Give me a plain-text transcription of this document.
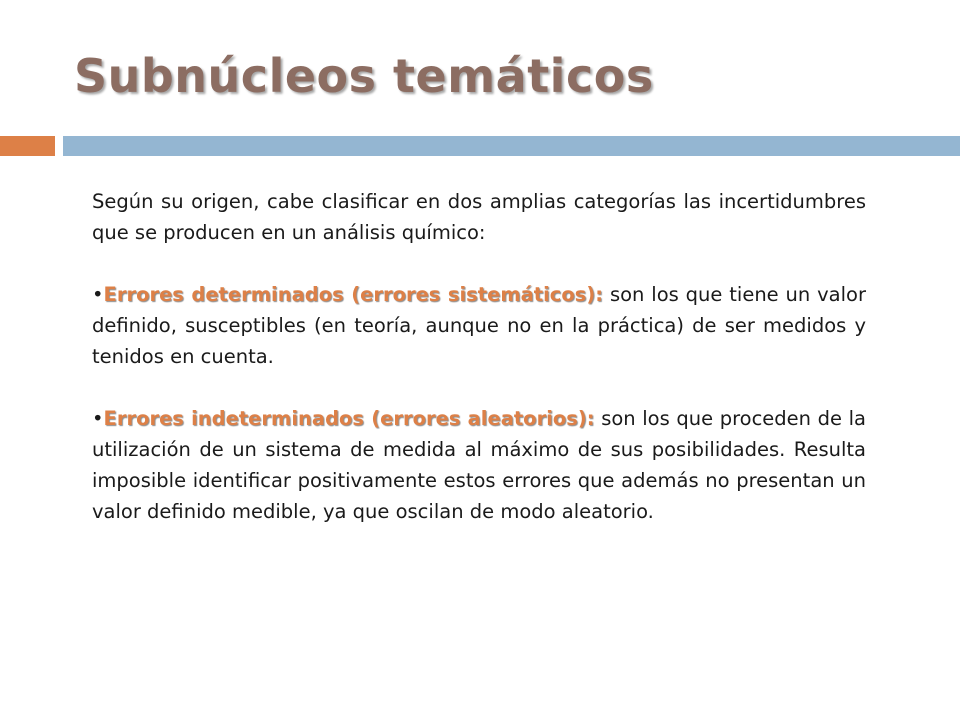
Subnúcleos temáticos

Según su origen, cabe clasificar en dos amplias categorías las incertidumbres que se producen en un análisis químico:

•Errores determinados (errores sistemáticos): son los que tiene un valor definido, susceptibles (en teoría, aunque no en la práctica) de ser medidos y tenidos en cuenta.

•Errores indeterminados (errores aleatorios): son los que proceden de la utilización de un sistema de medida al máximo de sus posibilidades. Resulta imposible identificar positivamente estos errores que además no presentan un valor definido medible, ya que oscilan de modo aleatorio.
